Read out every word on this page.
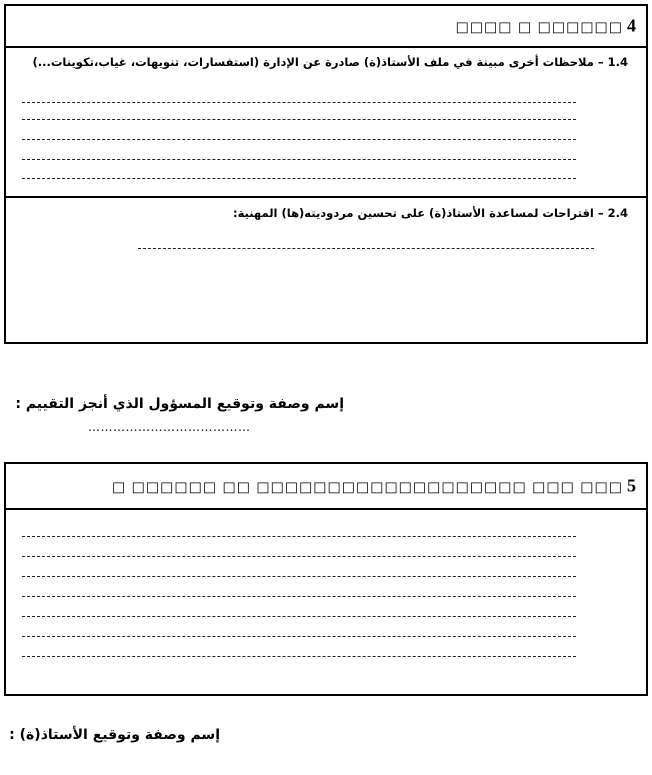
4□□□□□□ □ □□□□
1.4 – ملاحظات أخرى مبينة في ملف الأستاذ(ة) صادرة عن الإدارة (استفسارات، تنويهات، غياب،تكوينات...)
2.4 – اقتراحات لمساعدة الأستاذ(ة) على تحسين مردوديته(ها) المهنية:
إسم وصفة وتوقيع المسؤول الذي أنجز التقييم :
…………………………………
5□□□ □□□ □□□□□□□□□□□□□□□□□□□ □□ □□□□□□ □
إسم وصفة وتوقيع الأستاذ(ة) :
